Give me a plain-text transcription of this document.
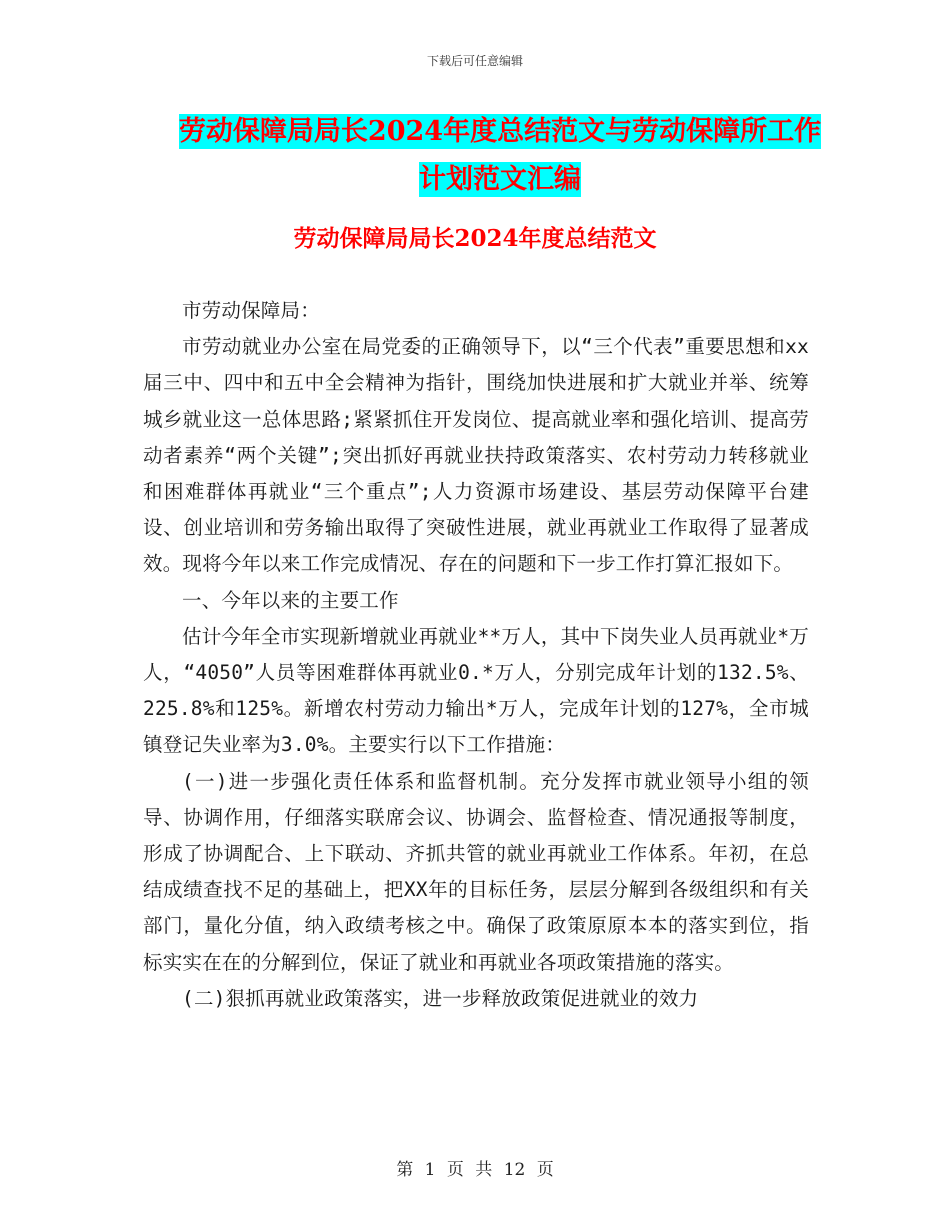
下载后可任意编辑
劳动保障局局长2024年度总结范文与劳动保障所工作
计划范文汇编
劳动保障局局长2024年度总结范文

市劳动保障局：

市劳动就业办公室在局党委的正确领导下，以“三个代表”重要思想和xx届三中、四中和五中全会精神为指针，围绕加快进展和扩大就业并举、统筹城乡就业这一总体思路;紧紧抓住开发岗位、提高就业率和强化培训、提高劳动者素养“两个关键”;突出抓好再就业扶持政策落实、农村劳动力转移就业和困难群体再就业“三个重点”;人力资源市场建设、基层劳动保障平台建设、创业培训和劳务输出取得了突破性进展，就业再就业工作取得了显著成效。现将今年以来工作完成情况、存在的问题和下一步工作打算汇报如下。

一、今年以来的主要工作

估计今年全市实现新增就业再就业**万人，其中下岗失业人员再就业*万人，“4050”人员等困难群体再就业0.*万人，分别完成年计划的132.5%、225.8%和125%。新增农村劳动力输出*万人，完成年计划的127%，全市城镇登记失业率为3.0%。主要实行以下工作措施：

(一)进一步强化责任体系和监督机制。充分发挥市就业领导小组的领导、协调作用，仔细落实联席会议、协调会、监督检查、情况通报等制度，形成了协调配合、上下联动、齐抓共管的就业再就业工作体系。年初，在总结成绩查找不足的基础上，把XX年的目标任务，层层分解到各级组织和有关部门，量化分值，纳入政绩考核之中。确保了政策原原本本的落实到位，指标实实在在的分解到位，保证了就业和再就业各项政策措施的落实。

(二)狠抓再就业政策落实，进一步释放政策促进就业的效力

第 1 页 共 12 页
